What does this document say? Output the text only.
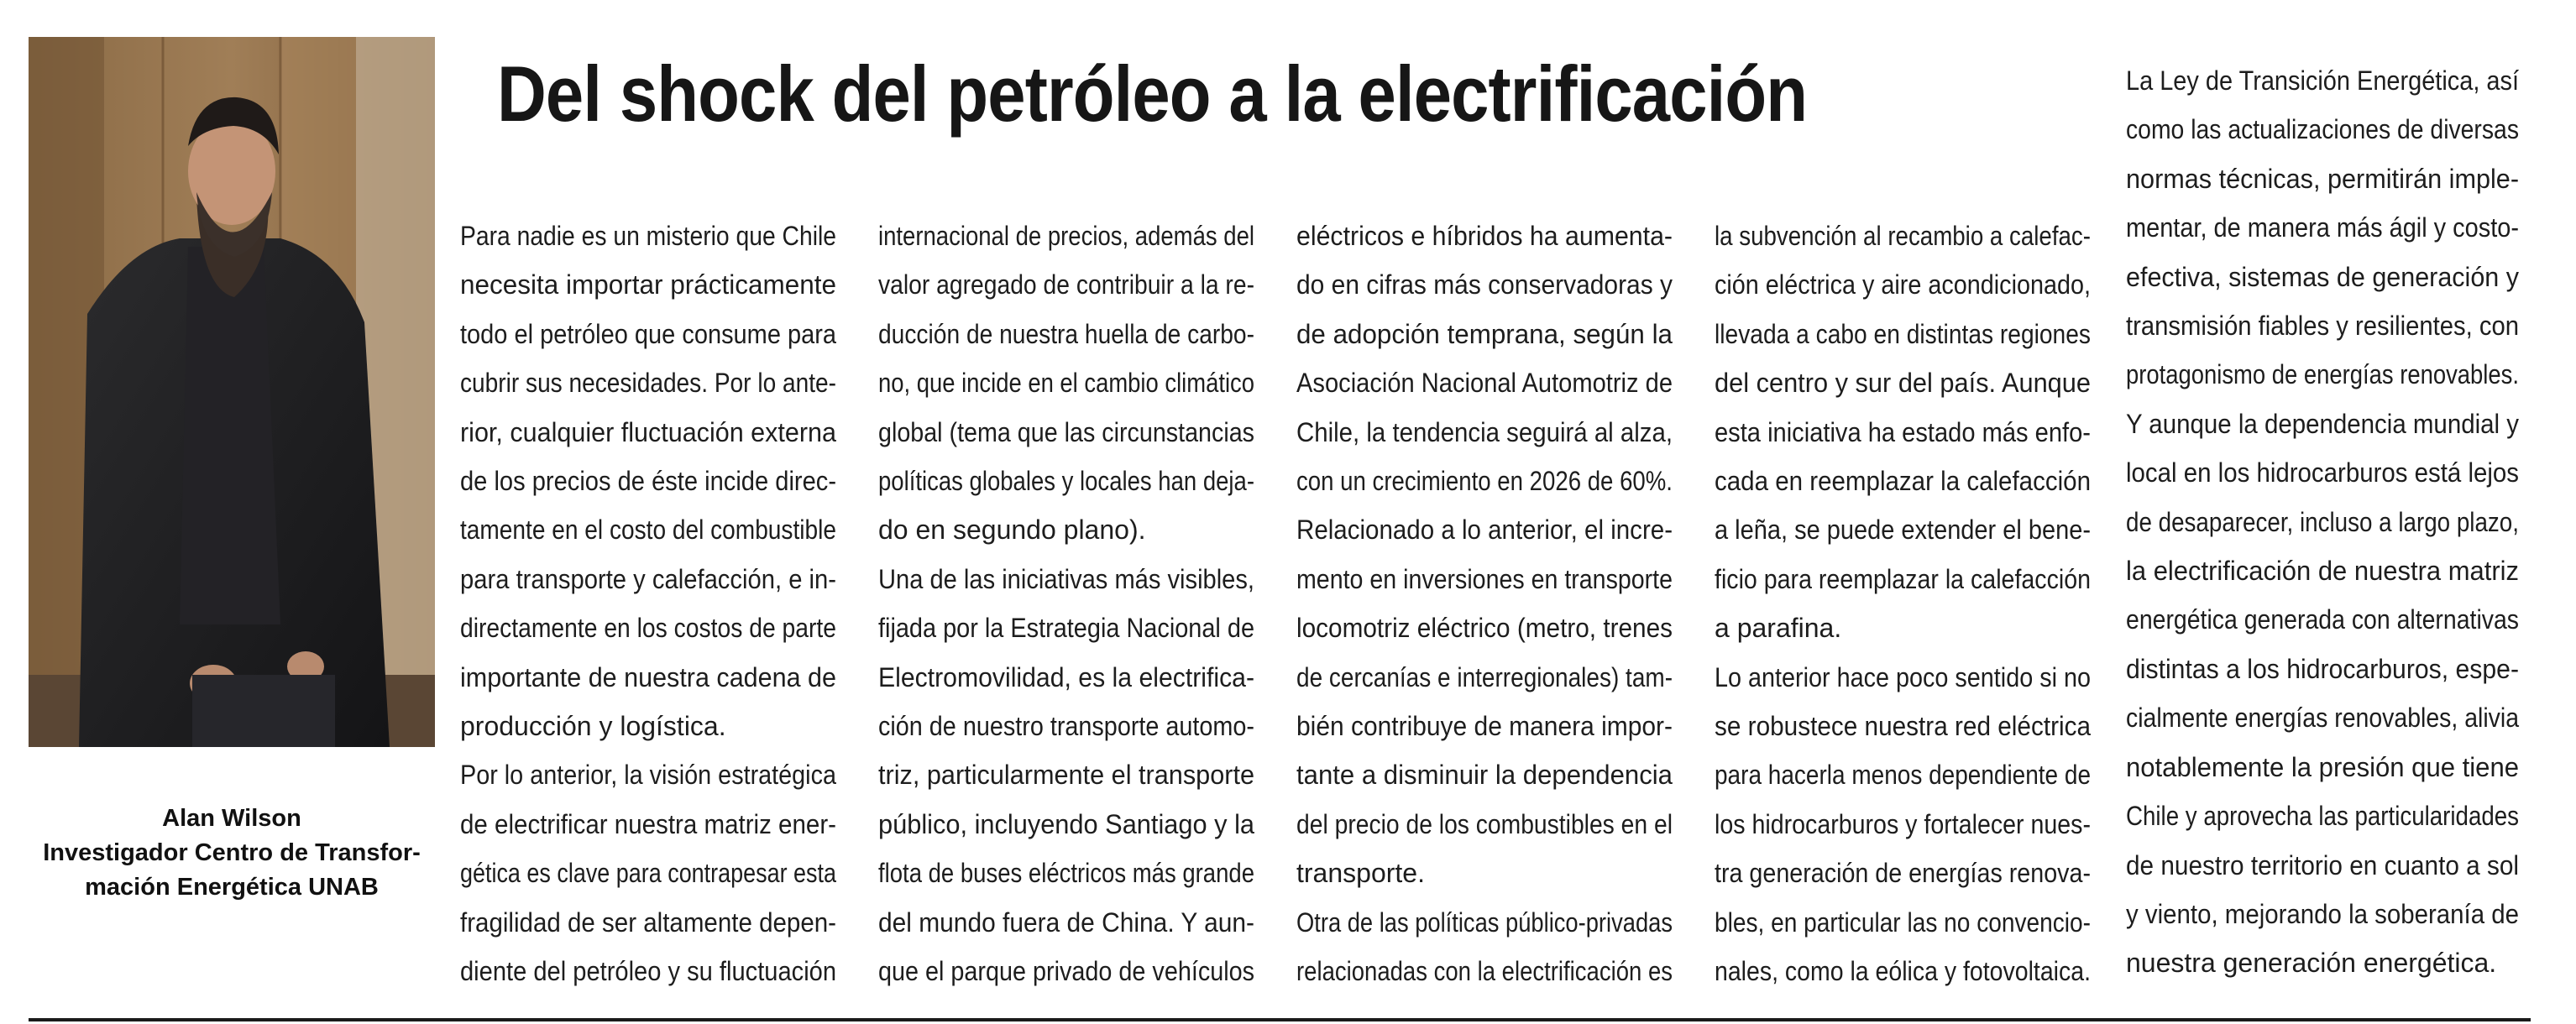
Alan Wilson
Investigador Centro de Transfor-
mación Energética UNAB
Del shock del petróleo a la electrificación
Para nadie es un misterio que Chile
necesita importar prácticamente
todo el petróleo que consume para
cubrir sus necesidades. Por lo ante-
rior, cualquier fluctuación externa
de los precios de éste incide direc-
tamente en el costo del combustible
para transporte y calefacción, e in-
directamente en los costos de parte
importante de nuestra cadena de
producción y logística.
Por lo anterior, la visión estratégica
de electrificar nuestra matriz ener-
gética es clave para contrapesar esta
fragilidad de ser altamente depen-
diente del petróleo y su fluctuación
internacional de precios, además del
valor agregado de contribuir a la re-
ducción de nuestra huella de carbo-
no, que incide en el cambio climático
global (tema que las circunstancias
políticas globales y locales han deja-
do en segundo plano).
Una de las iniciativas más visibles,
fijada por la Estrategia Nacional de
Electromovilidad, es la electrifica-
ción de nuestro transporte automo-
triz, particularmente el transporte
público, incluyendo Santiago y la
flota de buses eléctricos más grande
del mundo fuera de China. Y aun-
que el parque privado de vehículos
eléctricos e híbridos ha aumenta-
do en cifras más conservadoras y
de adopción temprana, según la
Asociación Nacional Automotriz de
Chile, la tendencia seguirá al alza,
con un crecimiento en 2026 de 60%.
Relacionado a lo anterior, el incre-
mento en inversiones en transporte
locomotriz eléctrico (metro, trenes
de cercanías e interregionales) tam-
bién contribuye de manera impor-
tante a disminuir la dependencia
del precio de los combustibles en el
transporte.
Otra de las políticas público-privadas
relacionadas con la electrificación es
la subvención al recambio a calefac-
ción eléctrica y aire acondicionado,
llevada a cabo en distintas regiones
del centro y sur del país. Aunque
esta iniciativa ha estado más enfo-
cada en reemplazar la calefacción
a leña, se puede extender el bene-
ficio para reemplazar la calefacción
a parafina.
Lo anterior hace poco sentido si no
se robustece nuestra red eléctrica
para hacerla menos dependiente de
los hidrocarburos y fortalecer nues-
tra generación de energías renova-
bles, en particular las no convencio-
nales, como la eólica y fotovoltaica.
La Ley de Transición Energética, así
como las actualizaciones de diversas
normas técnicas, permitirán imple-
mentar, de manera más ágil y costo-
efectiva, sistemas de generación y
transmisión fiables y resilientes, con
protagonismo de energías renovables.
Y aunque la dependencia mundial y
local en los hidrocarburos está lejos
de desaparecer, incluso a largo plazo,
la electrificación de nuestra matriz
energética generada con alternativas
distintas a los hidrocarburos, espe-
cialmente energías renovables, alivia
notablemente la presión que tiene
Chile y aprovecha las particularidades
de nuestro territorio en cuanto a sol
y viento, mejorando la soberanía de
nuestra generación energética.
